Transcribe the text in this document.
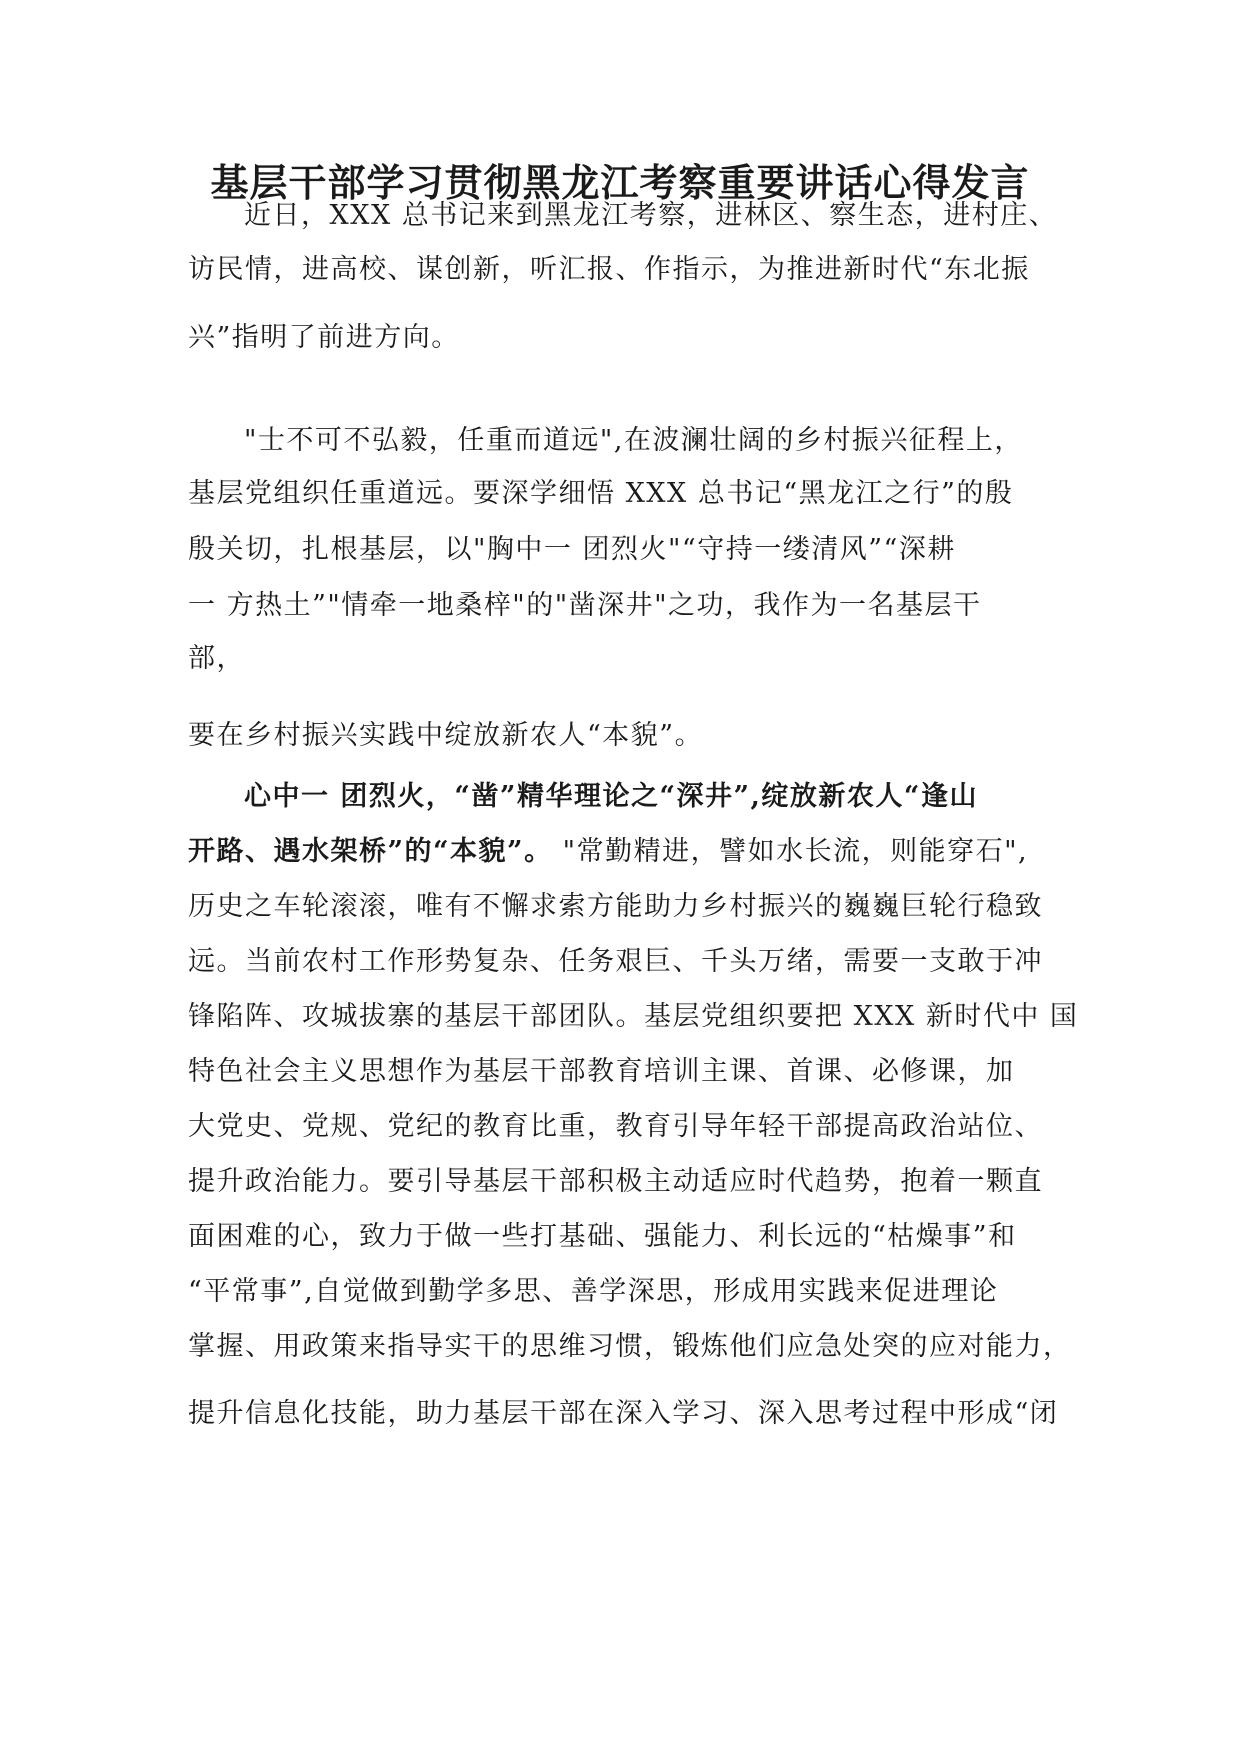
基层干部学习贯彻黑龙江考察重要讲话心得发言
近日，XXX 总书记来到黑龙江考察，进林区、察生态，进村庄、
访民情，进高校、谋创新，听汇报、作指示，为推进新时代“东北振
兴”指明了前进方向。
"士不可不弘毅，任重而道远",在波澜壮阔的乡村振兴征程上，
基层党组织任重道远。要深学细悟 XXX 总书记“黑龙江之行”的殷
殷关切，扎根基层，以"胸中一 团烈火"“守持一缕清风”“深耕
一 方热土”"情牵一地桑梓"的"凿深井"之功，我作为一名基层干
部，
要在乡村振兴实践中绽放新农人“本貌”。
心中一 团烈火，“凿”精华理论之“深井”,绽放新农人“逢山
开路、遇水架桥”的“本貌”。 "常勤精进，譬如水长流，则能穿石",
历史之车轮滚滚，唯有不懈求索方能助力乡村振兴的巍巍巨轮行稳致
远。当前农村工作形势复杂、任务艰巨、千头万绪，需要一支敢于冲
锋陷阵、攻城拔寨的基层干部团队。基层党组织要把 XXX 新时代中 国
特色社会主义思想作为基层干部教育培训主课、首课、必修课，加
大党史、党规、党纪的教育比重，教育引导年轻干部提高政治站位、
提升政治能力。要引导基层干部积极主动适应时代趋势，抱着一颗直
面困难的心，致力于做一些打基础、强能力、利长远的“枯燥事”和
“平常事”,自觉做到勤学多思、善学深思，形成用实践来促进理论
掌握、用政策来指导实干的思维习惯，锻炼他们应急处突的应对能力，
提升信息化技能，助力基层干部在深入学习、深入思考过程中形成“闭
